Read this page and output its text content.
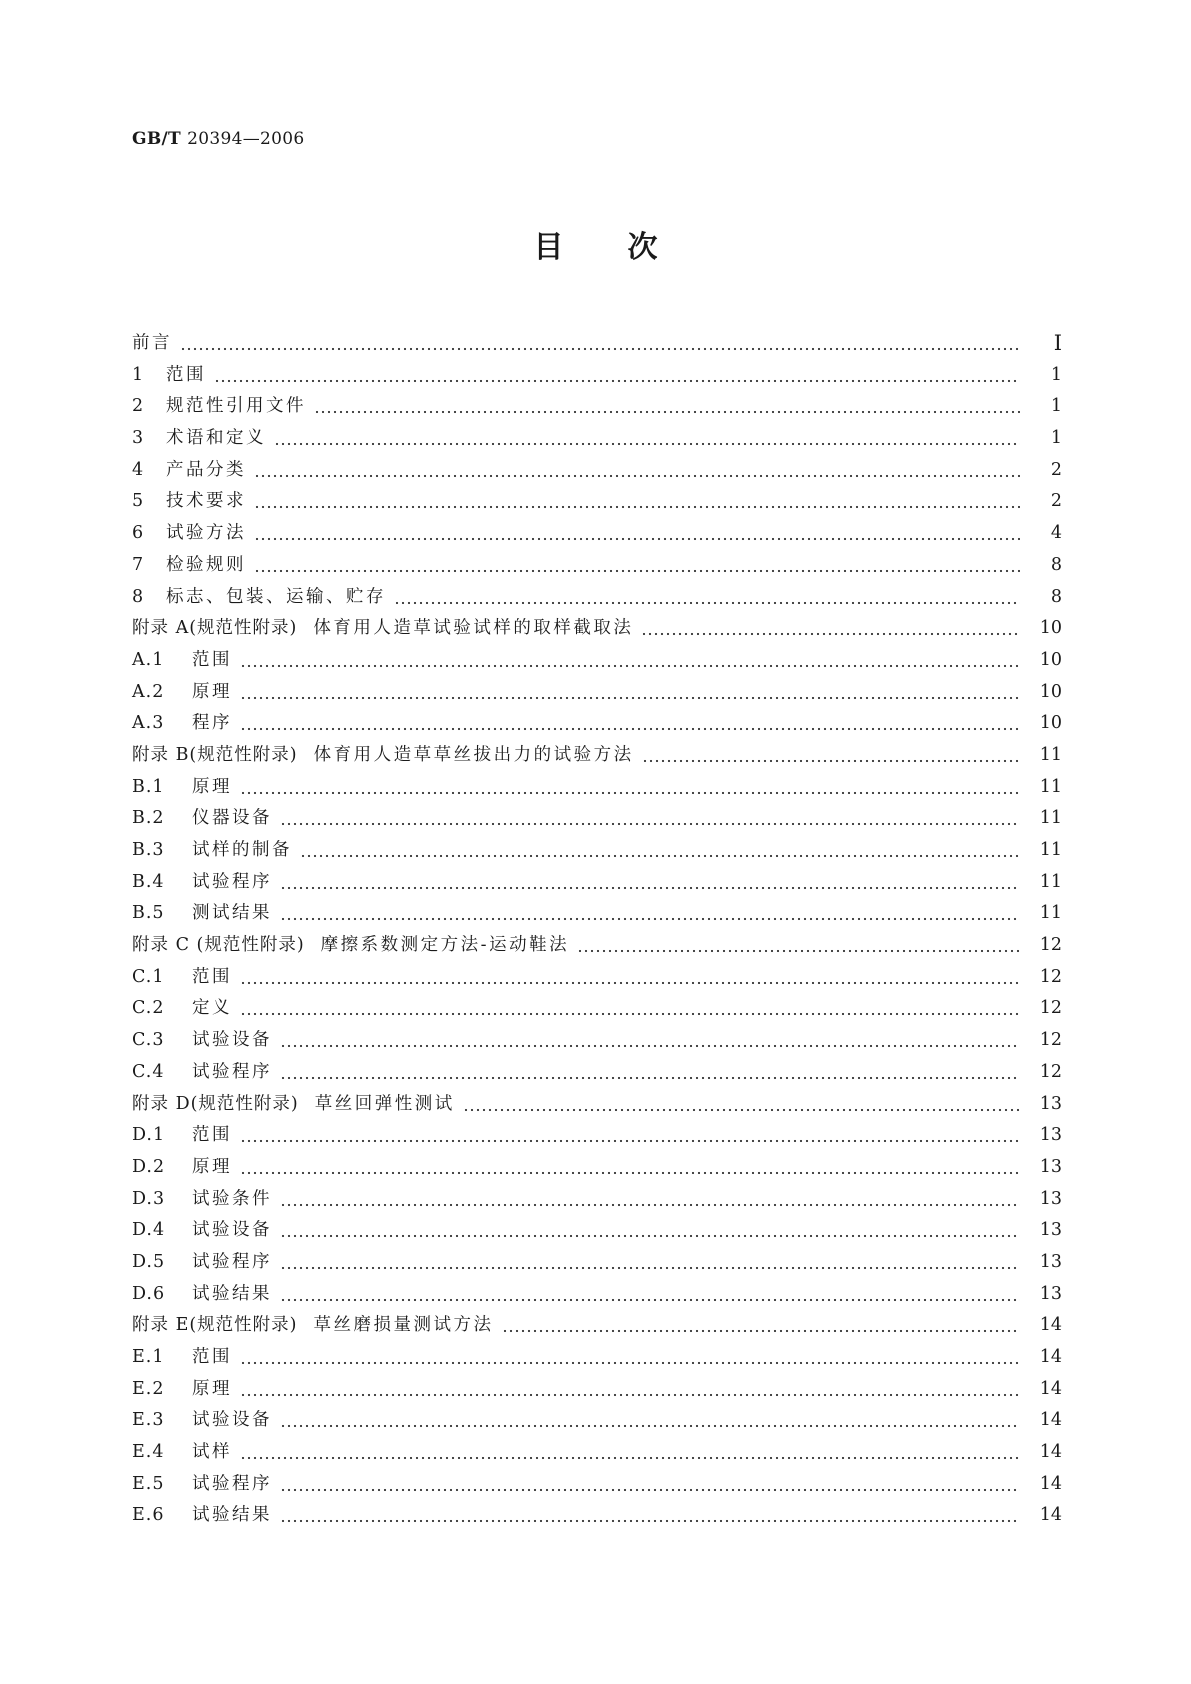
GB/T 20394—2006
目次
前言	Ⅰ
1	范围	1
2	规范性引用文件	1
3	术语和定义	1
4	产品分类	2
5	技术要求	2
6	试验方法	4
7	检验规则	8
8	标志、包装、运输、贮存	8
附录 A(规范性附录) 体育用人造草试验试样的取样截取法	10
A.1	范围	10
A.2	原理	10
A.3	程序	10
附录 B(规范性附录) 体育用人造草草丝拔出力的试验方法	11
B.1	原理	11
B.2	仪器设备	11
B.3	试样的制备	11
B.4	试验程序	11
B.5	测试结果	11
附录 C (规范性附录) 摩擦系数测定方法-运动鞋法	12
C.1	范围	12
C.2	定义	12
C.3	试验设备	12
C.4	试验程序	12
附录 D(规范性附录) 草丝回弹性测试	13
D.1	范围	13
D.2	原理	13
D.3	试验条件	13
D.4	试验设备	13
D.5	试验程序	13
D.6	试验结果	13
附录 E(规范性附录) 草丝磨损量测试方法	14
E.1	范围	14
E.2	原理	14
E.3	试验设备	14
E.4	试样	14
E.5	试验程序	14
E.6	试验结果	14
